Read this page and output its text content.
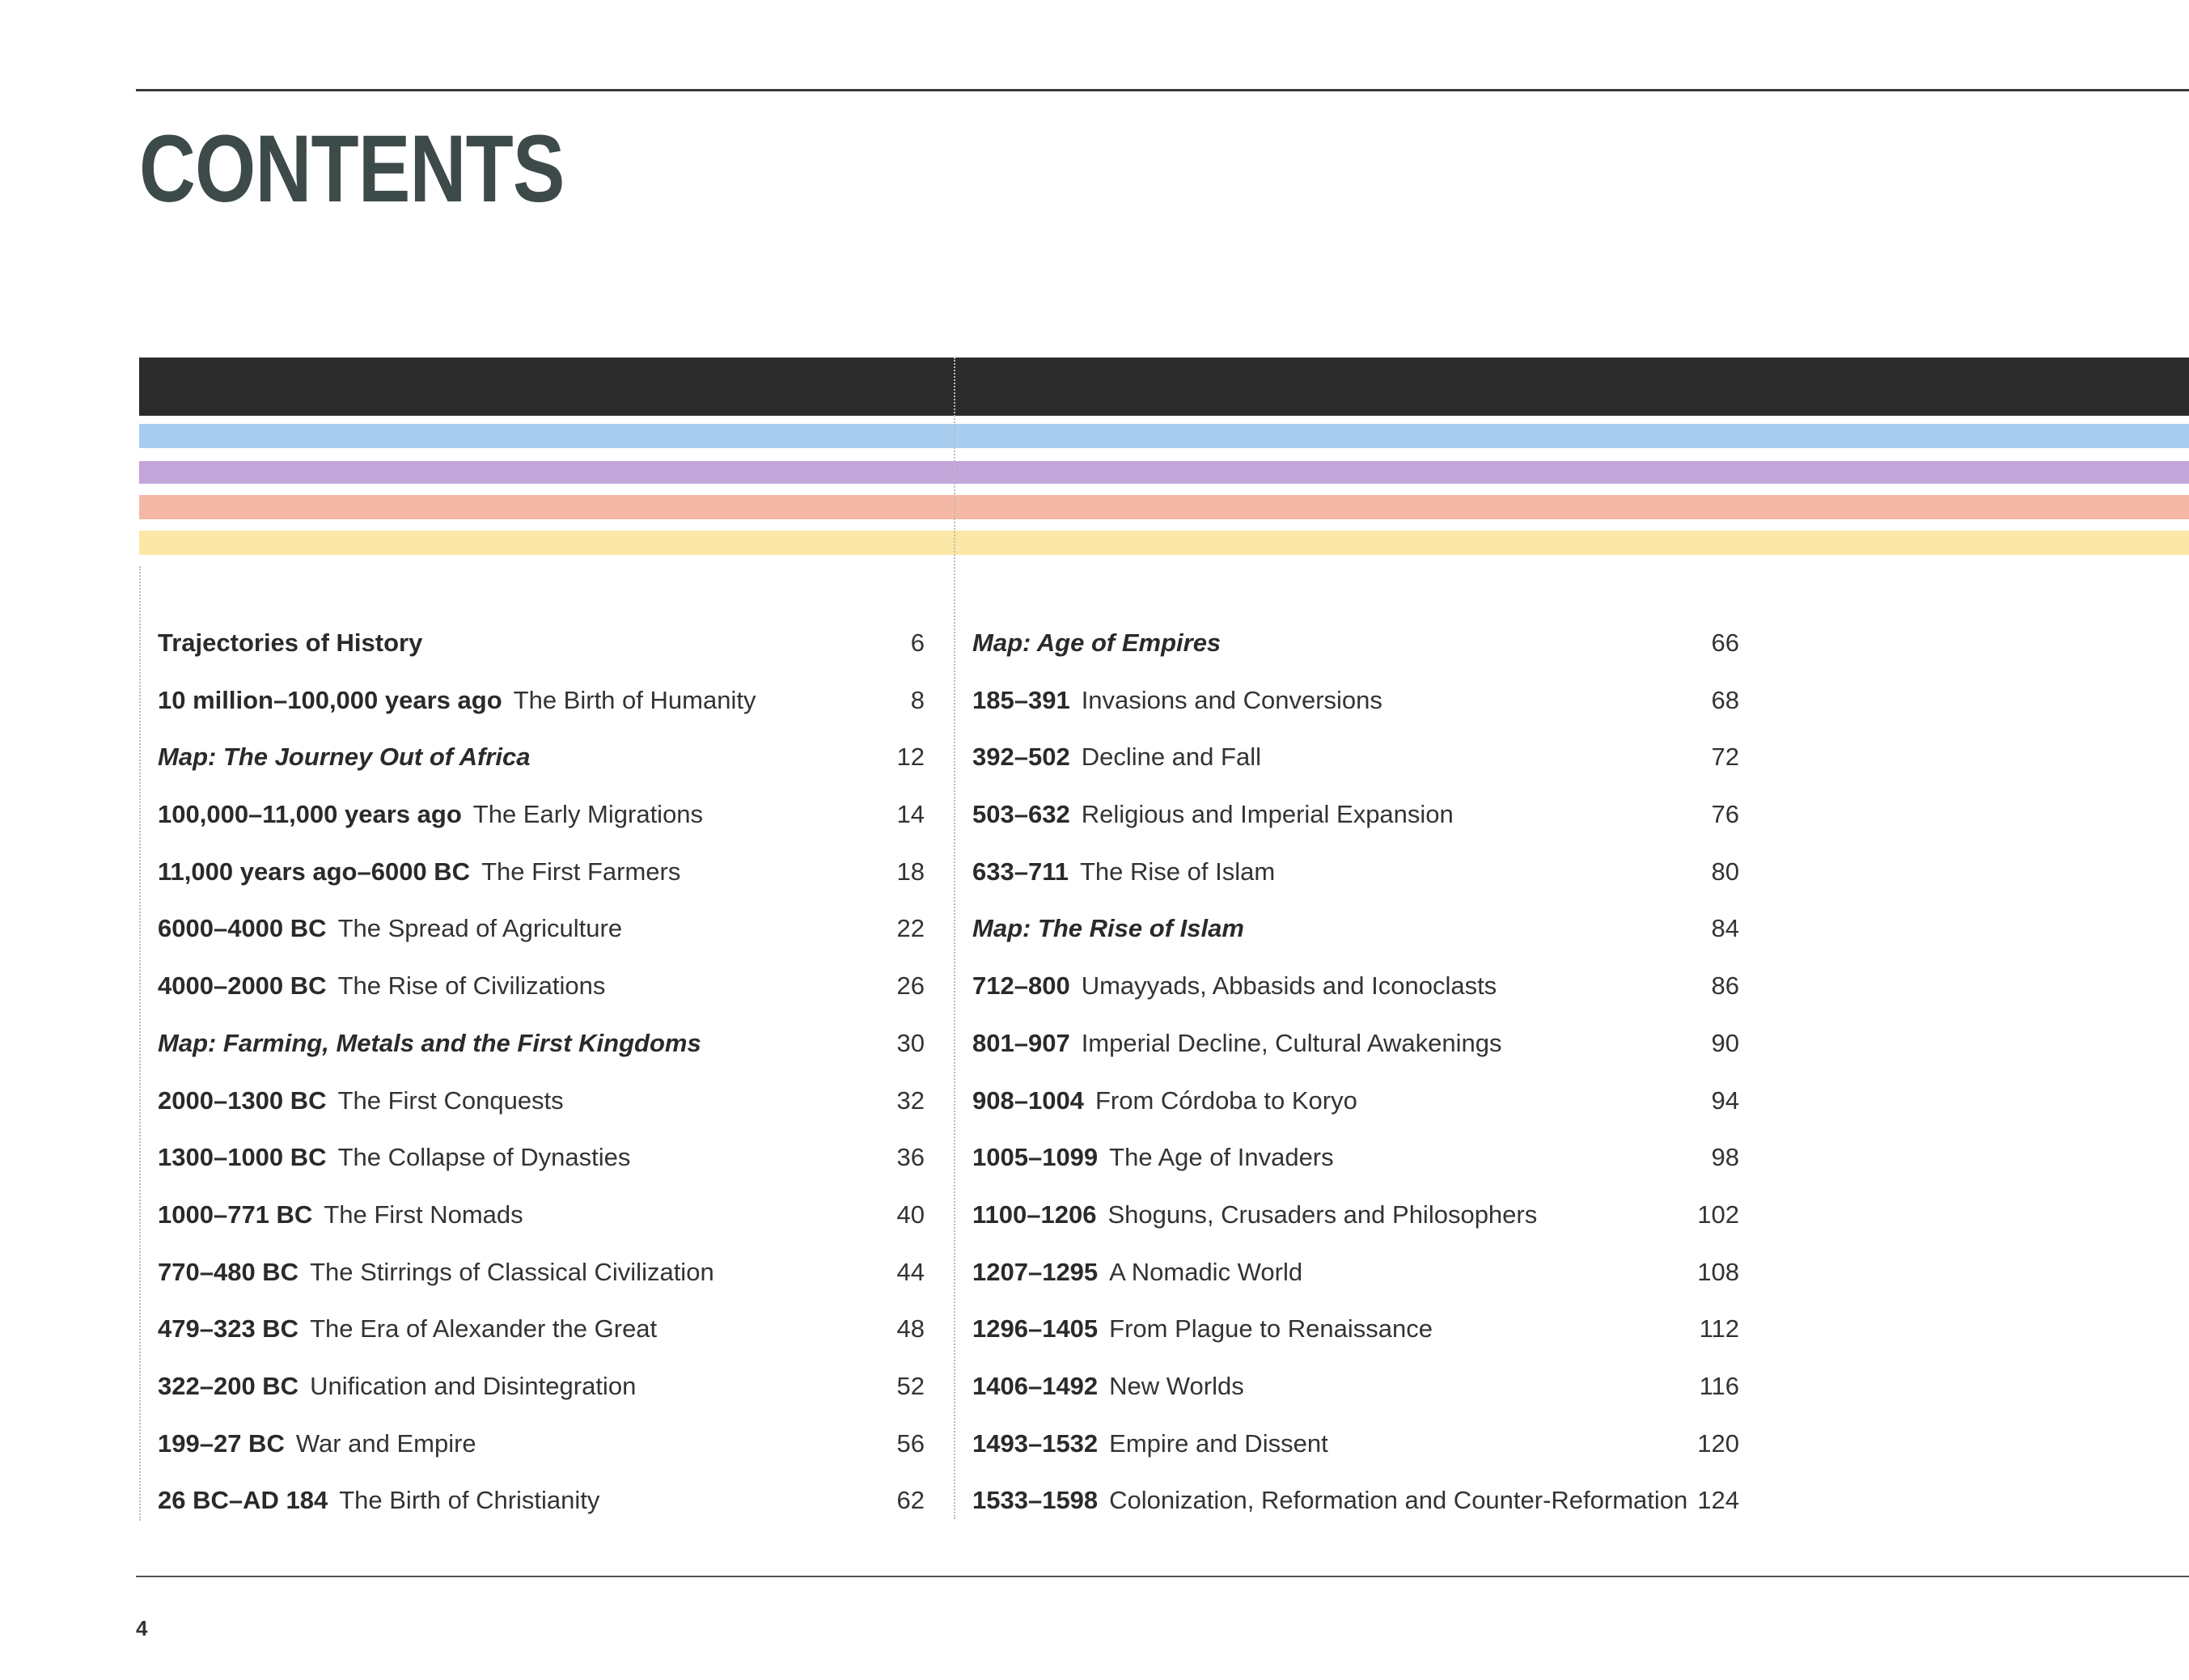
CONTENTS
Trajectories of History	6
10 million–100,000 years ago The Birth of Humanity	8
Map: The Journey Out of Africa	12
100,000–11,000 years ago The Early Migrations	14
11,000 years ago–6000 BC The First Farmers	18
6000–4000 BC The Spread of Agriculture	22
4000–2000 BC The Rise of Civilizations	26
Map: Farming, Metals and the First Kingdoms	30
2000–1300 BC The First Conquests	32
1300–1000 BC The Collapse of Dynasties	36
1000–771 BC The First Nomads	40
770–480 BC The Stirrings of Classical Civilization	44
479–323 BC The Era of Alexander the Great	48
322–200 BC Unification and Disintegration	52
199–27 BC War and Empire	56
26 BC–AD 184 The Birth of Christianity	62
Map: Age of Empires	66
185–391 Invasions and Conversions	68
392–502 Decline and Fall	72
503–632 Religious and Imperial Expansion	76
633–711 The Rise of Islam	80
Map: The Rise of Islam	84
712–800 Umayyads, Abbasids and Iconoclasts	86
801–907 Imperial Decline, Cultural Awakenings	90
908–1004 From Córdoba to Koryo	94
1005–1099 The Age of Invaders	98
1100–1206 Shoguns, Crusaders and Philosophers	102
1207–1295 A Nomadic World	108
1296–1405 From Plague to Renaissance	112
1406–1492 New Worlds	116
1493–1532 Empire and Dissent	120
1533–1598 Colonization, Reformation and Counter-Reformation 124
4
